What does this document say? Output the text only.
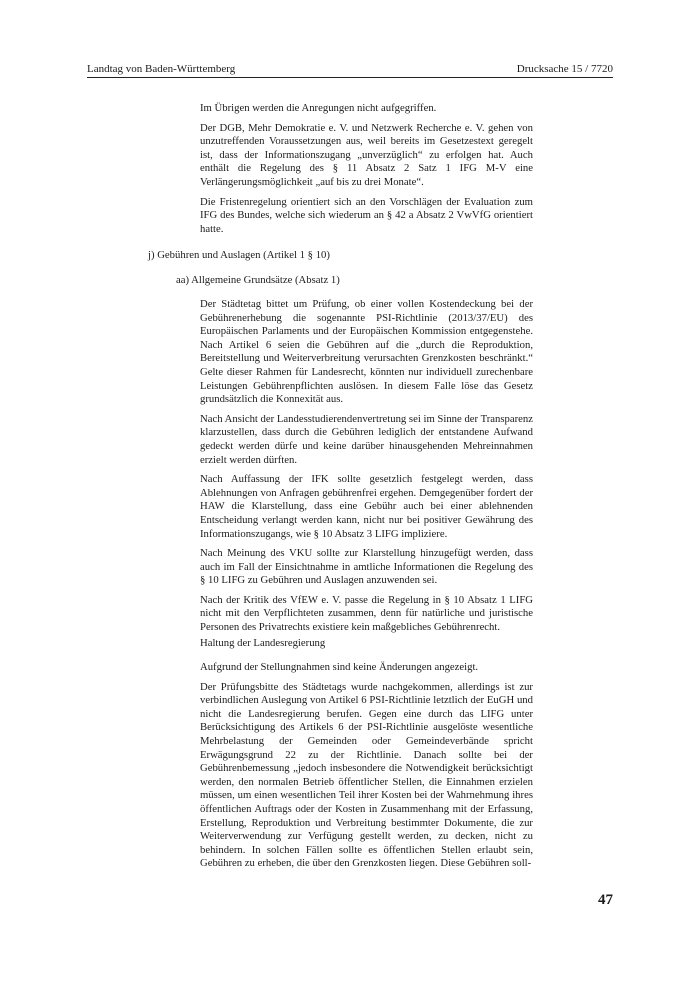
Landtag von Baden-Württemberg	Drucksache 15 / 7720

Im Übrigen werden die Anregungen nicht aufgegriffen.

Der DGB, Mehr Demokratie e. V. und Netzwerk Recherche e. V. gehen von unzutreffenden Voraussetzungen aus, weil bereits im Gesetzestext geregelt ist, dass der Informationszugang „unverzüglich“ zu erfolgen hat. Auch enthält die Regelung des § 11 Absatz 2 Satz 1 IFG M-V eine Verlängerungsmöglichkeit „auf bis zu drei Monate“.

Die Fristenregelung orientiert sich an den Vorschlägen der Evaluation zum IFG des Bundes, welche sich wiederum an § 42 a Absatz 2 VwVfG orientiert hatte.

j) Gebühren und Auslagen (Artikel 1 § 10)
aa) Allgemeine Grundsätze (Absatz 1)

Der Städtetag bittet um Prüfung, ob einer vollen Kostendeckung bei der Gebührenerhebung die sogenannte PSI-Richtlinie (2013/37/EU) des Europäischen Parlaments und der Europäischen Kommission entgegenstehe. Nach Artikel 6 seien die Gebühren auf die „durch die Reproduktion, Bereitstellung und Weiterverbreitung verursachten Grenzkosten beschränkt.“ Gelte dieser Rahmen für Landesrecht, könnten nur individuell zurechenbare Leistungen Gebührenpflichten auslösen. In diesem Falle löse das Gesetz grundsätzlich die Konnexität aus.

Nach Ansicht der Landesstudierendenvertretung sei im Sinne der Transparenz klarzustellen, dass durch die Gebühren lediglich der entstandene Aufwand gedeckt werden dürfe und keine darüber hinausgehenden Mehreinnahmen erzielt werden dürften.

Nach Auffassung der IFK sollte gesetzlich festgelegt werden, dass Ablehnungen von Anfragen gebührenfrei ergehen. Demgegenüber fordert der HAW die Klarstellung, dass eine Gebühr auch bei einer ablehnenden Entscheidung verlangt werden kann, nicht nur bei positiver Gewährung des Informationszugangs, wie § 10 Absatz 3 LIFG impliziere.

Nach Meinung des VKU sollte zur Klarstellung hinzugefügt werden, dass auch im Fall der Einsichtnahme in amtliche Informationen die Regelung des § 10 LIFG zu Gebühren und Auslagen anzuwenden sei.

Nach der Kritik des VfEW e. V. passe die Regelung in § 10 Absatz 1 LIFG nicht mit den Verpflichteten zusammen, denn für natürliche und juristische Personen des Privatrechts existiere kein maßgebliches Gebührenrecht.

Haltung der Landesregierung

Aufgrund der Stellungnahmen sind keine Änderungen angezeigt.

Der Prüfungsbitte des Städtetags wurde nachgekommen, allerdings ist zur verbindlichen Auslegung von Artikel 6 PSI-Richtlinie letztlich der EuGH und nicht die Landesregierung berufen. Gegen eine durch das LIFG unter Berücksichtigung des Artikels 6 der PSI-Richtlinie ausgelöste wesentliche Mehrbelastung der Gemeinden oder Gemeindeverbände spricht Erwägungsgrund 22 zu der Richtlinie. Danach sollte bei der Gebührenbemessung „jedoch insbesondere die Notwendigkeit berücksichtigt werden, den normalen Betrieb öffentlicher Stellen, die Einnahmen erzielen müssen, um einen wesentlichen Teil ihrer Kosten bei der Wahrnehmung ihres öffentlichen Auftrags oder der Kosten in Zusammenhang mit der Erfassung, Erstellung, Reproduktion und Verbreitung bestimmter Dokumente, die zur Weiterverwendung zur Verfügung gestellt werden, zu decken, nicht zu behindern. In solchen Fällen sollte es öffentlichen Stellen erlaubt sein, Gebühren zu erheben, die über den Grenzkosten liegen. Diese Gebühren soll-

47
